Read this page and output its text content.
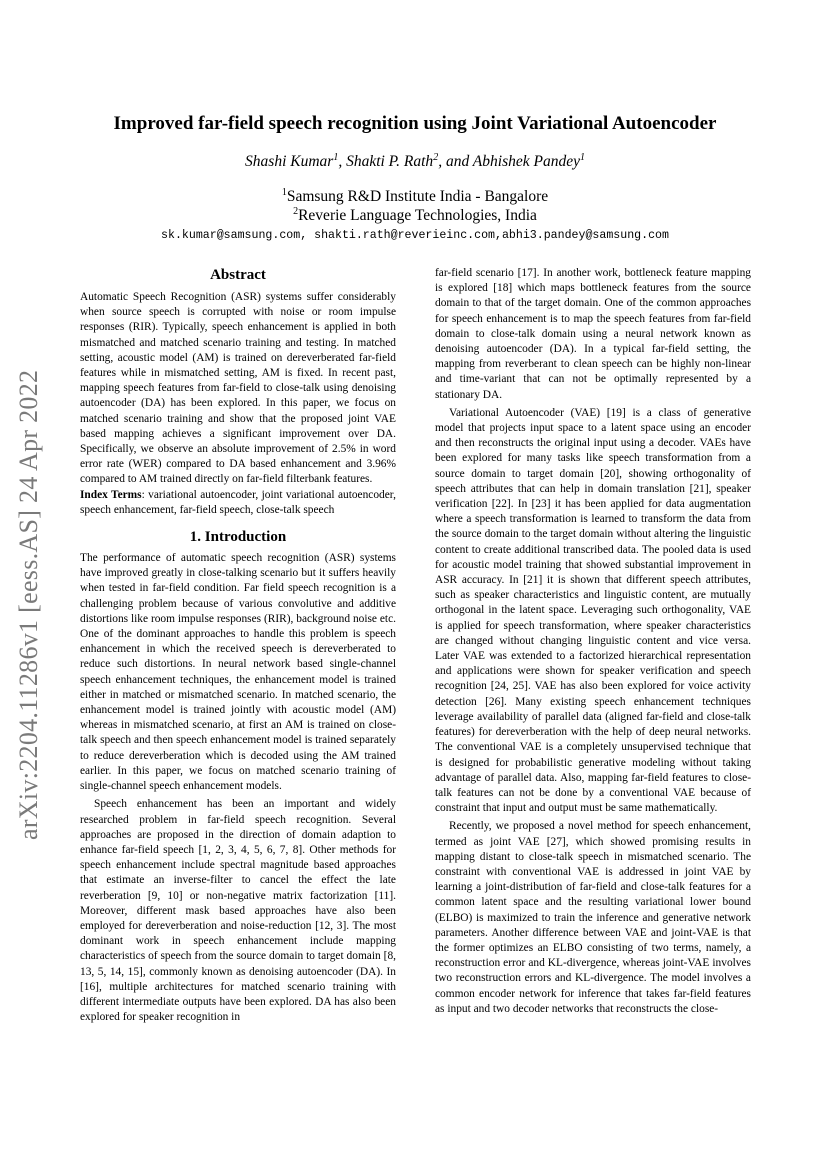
arXiv:2204.11286v1 [eess.AS] 24 Apr 2022
Improved far-field speech recognition using Joint Variational Autoencoder
Shashi Kumar$^1$, Shakti P. Rath$^2$, and Abhishek Pandey$^1$
$^1$Samsung R&D Institute India - Bangalore
$^2$Reverie Language Technologies, India
sk.kumar@samsung.com, shakti.rath@reverieinc.com,abhi3.pandey@samsung.com
Abstract

Automatic Speech Recognition (ASR) systems suffer considerably when source speech is corrupted with noise or room impulse responses (RIR). Typically, speech enhancement is applied in both mismatched and matched scenario training and testing. In matched setting, acoustic model (AM) is trained on dereverberated far-field features while in mismatched setting, AM is fixed. In recent past, mapping speech features from far-field to close-talk using denoising autoencoder (DA) has been explored. In this paper, we focus on matched scenario training and show that the proposed joint VAE based mapping achieves a significant improvement over DA. Specifically, we observe an absolute improvement of 2.5% in word error rate (WER) compared to DA based enhancement and 3.96% compared to AM trained directly on far-field filterbank features.

Index Terms: variational autoencoder, joint variational autoencoder, speech enhancement, far-field speech, close-talk speech

1. Introduction

The performance of automatic speech recognition (ASR) systems have improved greatly in close-talking scenario but it suffers heavily when tested in far-field condition. Far field speech recognition is a challenging problem because of various convolutive and additive distortions like room impulse responses (RIR), background noise etc. One of the dominant approaches to handle this problem is speech enhancement in which the received speech is dereverberated to reduce such distortions. In neural network based single-channel speech enhancement techniques, the enhancement model is trained either in matched or mismatched scenario. In matched scenario, the enhancement model is trained jointly with acoustic model (AM) whereas in mismatched scenario, at first an AM is trained on close-talk speech and then speech enhancement model is trained separately to reduce dereverberation which is decoded using the AM trained earlier. In this paper, we focus on matched scenario training of single-channel speech enhancement models.

Speech enhancement has been an important and widely researched problem in far-field speech recognition. Several approaches are proposed in the direction of domain adaption to enhance far-field speech [1, 2, 3, 4, 5, 6, 7, 8]. Other methods for speech enhancement include spectral magnitude based approaches that estimate an inverse-filter to cancel the effect the late reverberation [9, 10] or non-negative matrix factorization [11]. Moreover, different mask based approaches have also been employed for dereverberation and noise-reduction [12, 3]. The most dominant work in speech enhancement include mapping characteristics of speech from the source domain to target domain [8, 13, 5, 14, 15], commonly known as denoising autoencoder (DA). In [16], multiple architectures for matched scenario training with different intermediate outputs have been explored. DA has also been explored for speaker recognition in

far-field scenario [17]. In another work, bottleneck feature mapping is explored [18] which maps bottleneck features from the source domain to that of the target domain. One of the common approaches for speech enhancement is to map the speech features from far-field domain to close-talk domain using a neural network known as denoising autoencoder (DA). In a typical far-field setting, the mapping from reverberant to clean speech can be highly non-linear and time-variant that can not be optimally represented by a stationary DA.

Variational Autoencoder (VAE) [19] is a class of generative model that projects input space to a latent space using an encoder and then reconstructs the original input using a decoder. VAEs have been explored for many tasks like speech transformation from a source domain to target domain [20], showing orthogonality of speech attributes that can help in domain translation [21], speaker verification [22]. In [23] it has been applied for data augmentation where a speech transformation is learned to transform the data from the source domain to the target domain without altering the linguistic content to create additional transcribed data. The pooled data is used for acoustic model training that showed substantial improvement in ASR accuracy. In [21] it is shown that different speech attributes, such as speaker characteristics and linguistic content, are mutually orthogonal in the latent space. Leveraging such orthogonality, VAE is applied for speech transformation, where speaker characteristics are changed without changing linguistic content and vice versa. Later VAE was extended to a factorized hierarchical representation and applications were shown for speaker verification and speech recognition [24, 25]. VAE has also been explored for voice activity detection [26]. Many existing speech enhancement techniques leverage availability of parallel data (aligned far-field and close-talk features) for dereverberation with the help of deep neural networks. The conventional VAE is a completely unsupervised technique that is designed for probabilistic generative modeling without taking advantage of parallel data. Also, mapping far-field features to close-talk features can not be done by a conventional VAE because of constraint that input and output must be same mathematically.

Recently, we proposed a novel method for speech enhancement, termed as joint VAE [27], which showed promising results in mapping distant to close-talk speech in mismatched scenario. The constraint with conventional VAE is addressed in joint VAE by learning a joint-distribution of far-field and close-talk features for a common latent space and the resulting variational lower bound (ELBO) is maximized to train the inference and generative network parameters. Another difference between VAE and joint-VAE is that the former optimizes an ELBO consisting of two terms, namely, a reconstruction error and KL-divergence, whereas joint-VAE involves two reconstruction errors and KL-divergence. The model involves a common encoder network for inference that takes far-field features as input and two decoder networks that reconstructs the close-
